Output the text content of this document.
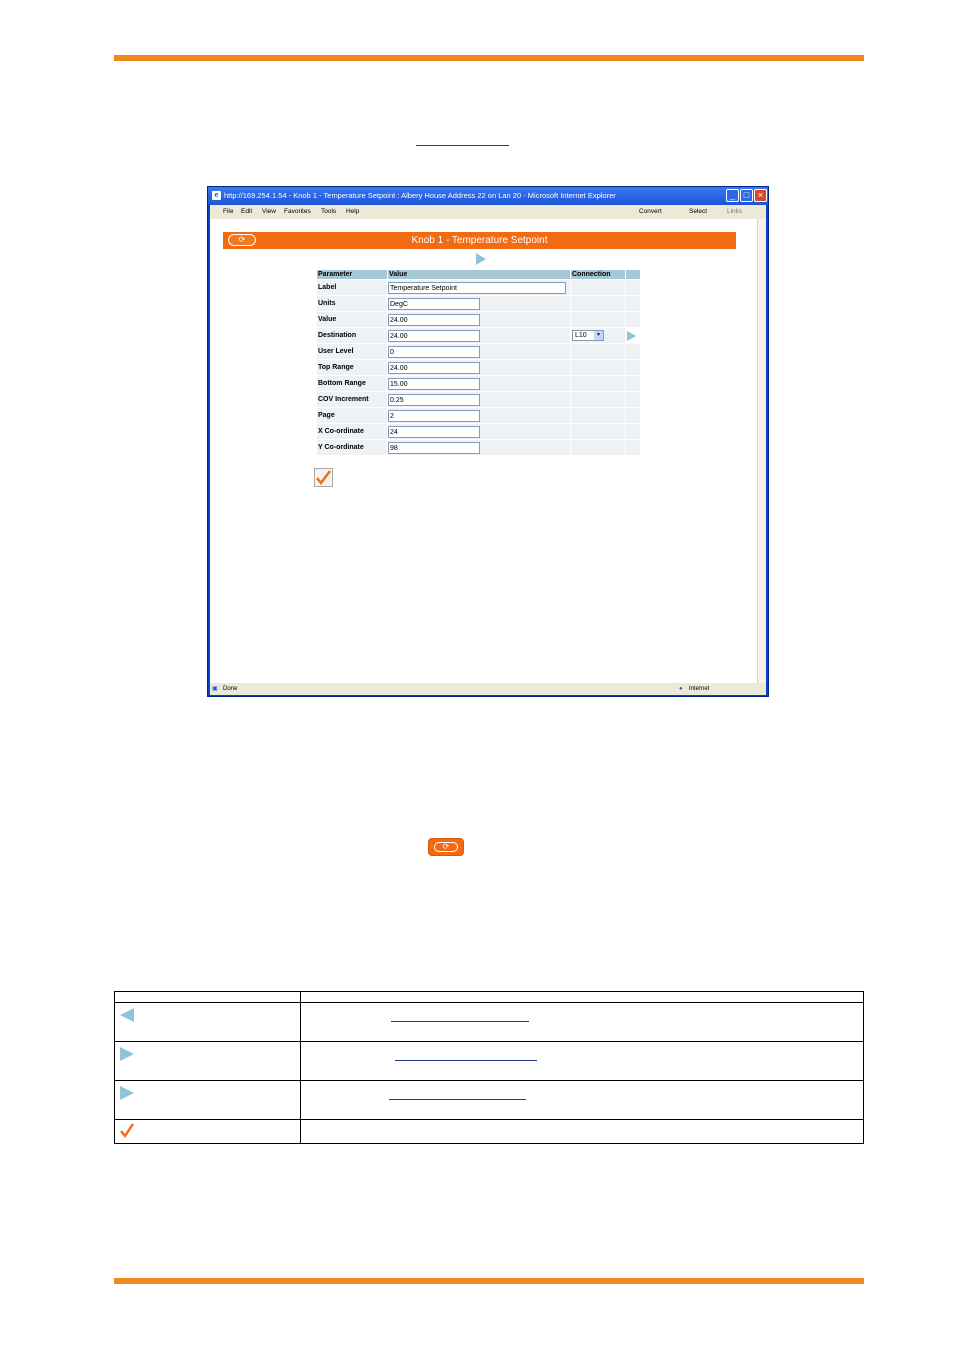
e http://169.254.1.54 - Knob 1 - Temperature Setpoint : Albery House Address 22 on Lan 20 - Microsoft Internet Explorer	_ □ ×
File Edit View Favorites Tools Help	Convert	Select	Links
⟳	Knob 1 - Temperature Setpoint
Parameter	Value	Connection	
Label	Temperature Setpoint		
Units	DegC		
Value	24.00		
Destination	24.00	L10 ▾	

User Level	0		
Top Range	24.00		
Bottom Range	15.00		
COV Increment	0.25		
Page	2		
X Co-ordinate	24		
Y Co-ordinate	98		
▣ Done	● Internet
⟳
